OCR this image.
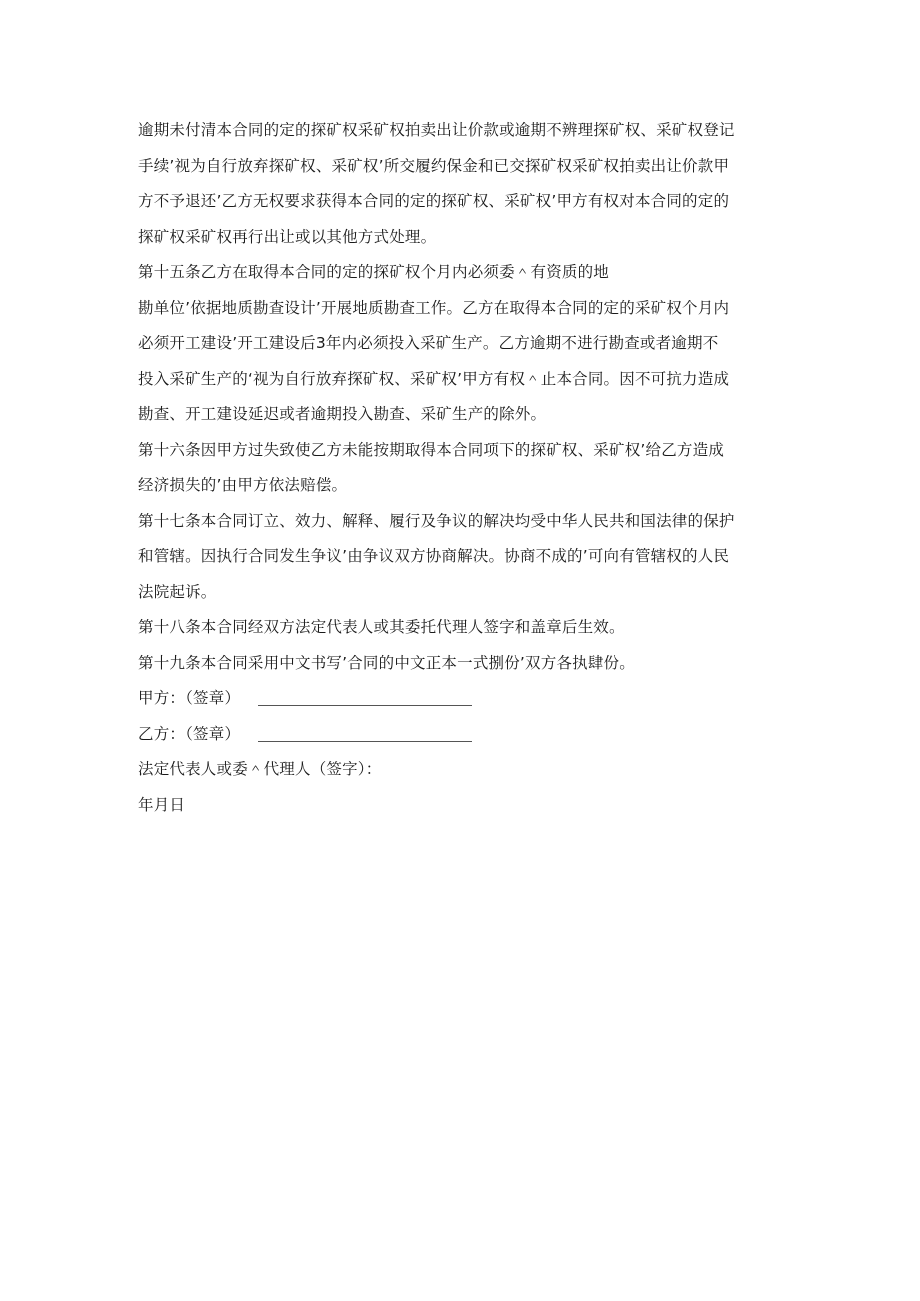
逾期未付清本合同的定的探矿权采矿权拍卖出让价款或逾期不辨理探矿权、采矿权登记
手续’视为自行放弃探矿权、采矿权’所交履约保金和已交探矿权采矿权拍卖出让价款甲
方不予退还’乙方无权要求获得本合同的定的探矿权、采矿权’甲方有权对本合同的定的
探矿权采矿权再行出让或以其他方式处理。
第十五条乙方在取得本合同的定的探矿权个月内必须委＾有资质的地
勘单位’依据地质勘查设计’开展地质勘查工作。乙方在取得本合同的定的采矿权个月内
必须开工建设’开工建设后3年内必须投入采矿生产。乙方逾期不进行勘查或者逾期不
投入采矿生产的‘视为自行放弃探矿权、采矿权’甲方有权＾止本合同。因不可抗力造成
勘查、开工建设延迟或者逾期投入勘查、采矿生产的除外。
第十六条因甲方过失致使乙方未能按期取得本合同项下的探矿权、采矿权’给乙方造成
经济损失的’由甲方依法赔偿。
第十七条本合同订立、效力、解释、履行及争议的解决均受中华人民共和国法律的保护
和管辖。因执行合同发生争议’由争议双方协商解决。协商不成的’可向有管辖权的人民
法院起诉。
第十八条本合同经双方法定代表人或其委托代理人签字和盖章后生效。
第十九条本合同采用中文书写’合同的中文正本一式捌份’双方各执肆份。
甲方：（签章）
乙方：（签章）
法定代表人或委＾代理人（签字）：
年月日
